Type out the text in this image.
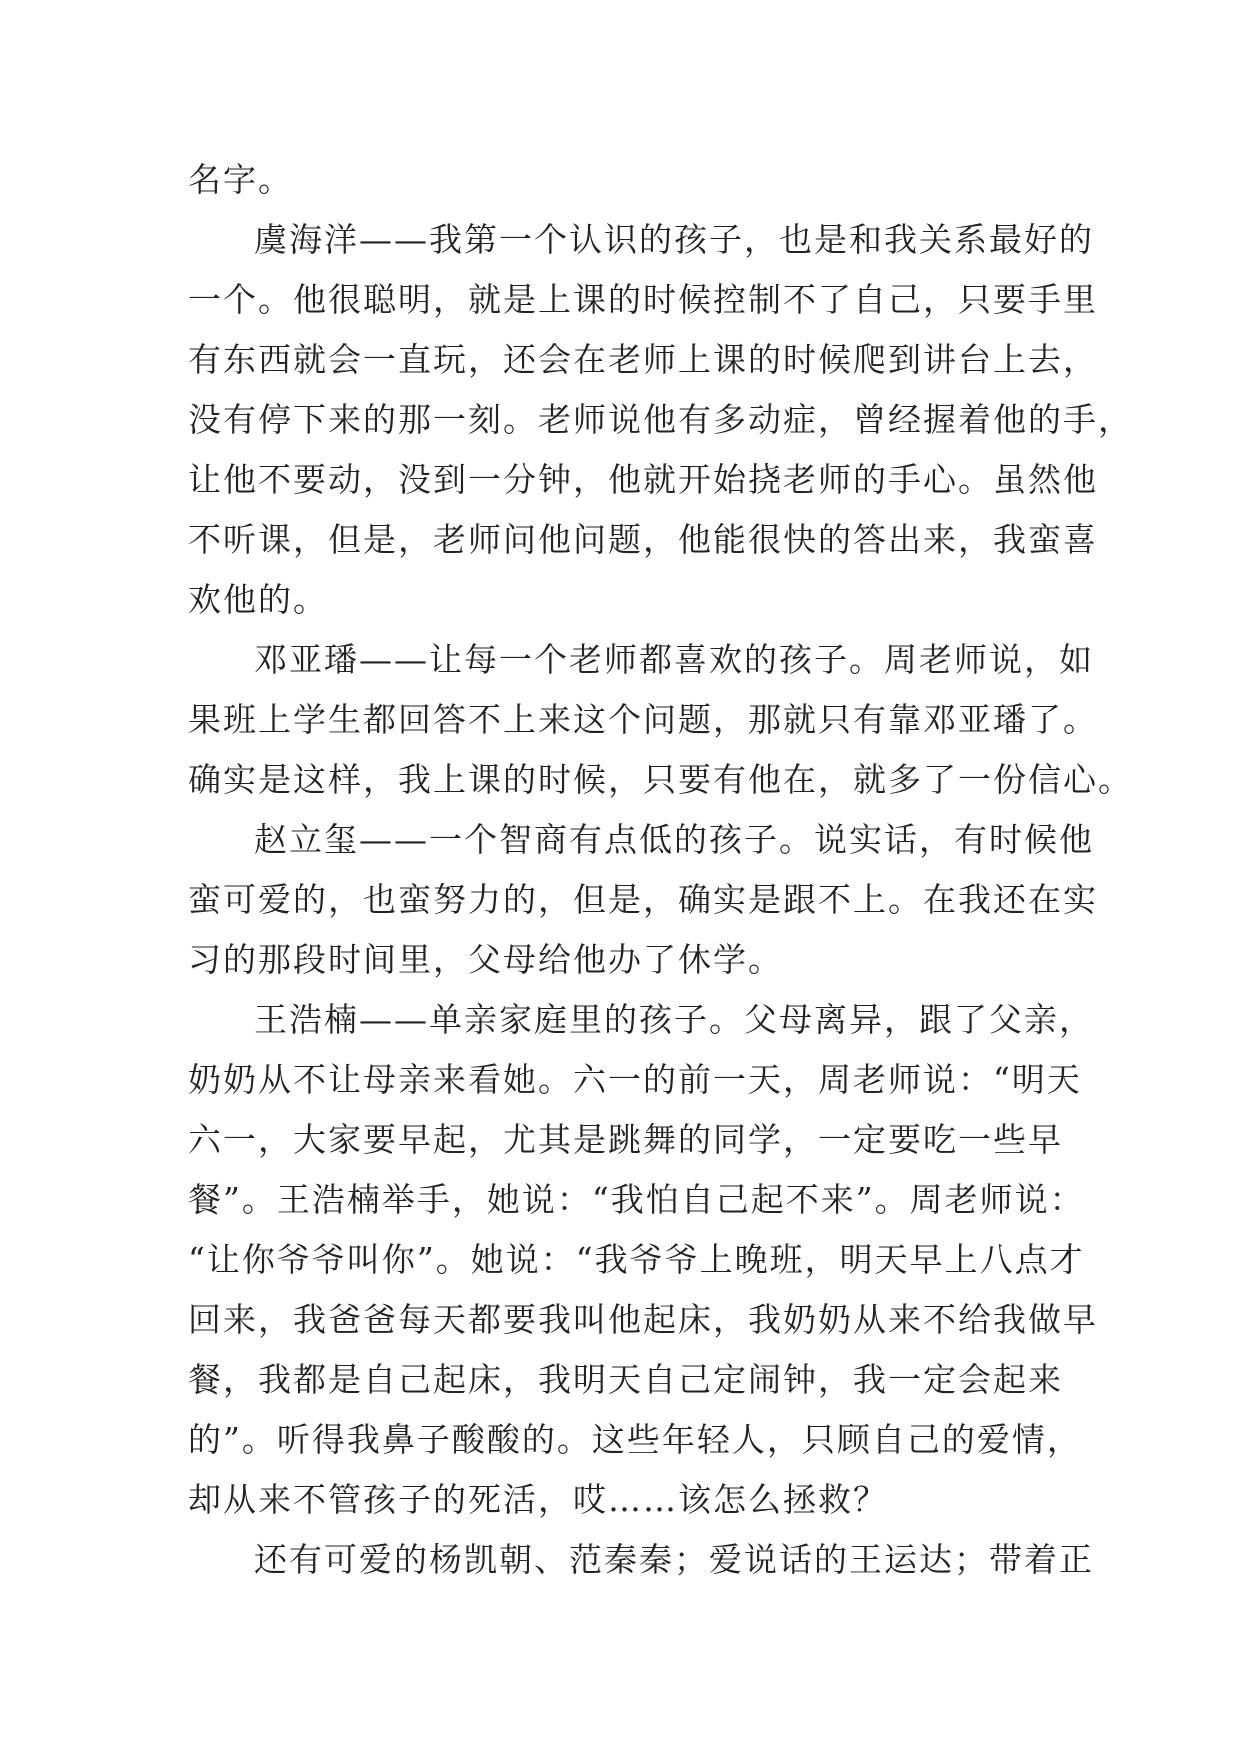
名字。
虞海洋——我第一个认识的孩子，也是和我关系最好的
一个。他很聪明，就是上课的时候控制不了自己，只要手里
有东西就会一直玩，还会在老师上课的时候爬到讲台上去，
没有停下来的那一刻。老师说他有多动症，曾经握着他的手，
让他不要动，没到一分钟，他就开始挠老师的手心。虽然他
不听课，但是，老师问他问题，他能很快的答出来，我蛮喜
欢他的。
邓亚璠——让每一个老师都喜欢的孩子。周老师说，如
果班上学生都回答不上来这个问题，那就只有靠邓亚璠了。
确实是这样，我上课的时候，只要有他在，就多了一份信心。
赵立玺——一个智商有点低的孩子。说实话，有时候他
蛮可爱的，也蛮努力的，但是，确实是跟不上。在我还在实
习的那段时间里，父母给他办了休学。
王浩楠——单亲家庭里的孩子。父母离异，跟了父亲，
奶奶从不让母亲来看她。六一的前一天，周老师说：“明天
六一，大家要早起，尤其是跳舞的同学，一定要吃一些早
餐”。王浩楠举手，她说：“我怕自己起不来”。周老师说：
“让你爷爷叫你”。她说：“我爷爷上晚班，明天早上八点才
回来，我爸爸每天都要我叫他起床，我奶奶从来不给我做早
餐，我都是自己起床，我明天自己定闹钟，我一定会起来
的”。听得我鼻子酸酸的。这些年轻人，只顾自己的爱情，
却从来不管孩子的死活，哎……该怎么拯救？
还有可爱的杨凯朝、范秦秦；爱说话的王运达；带着正
